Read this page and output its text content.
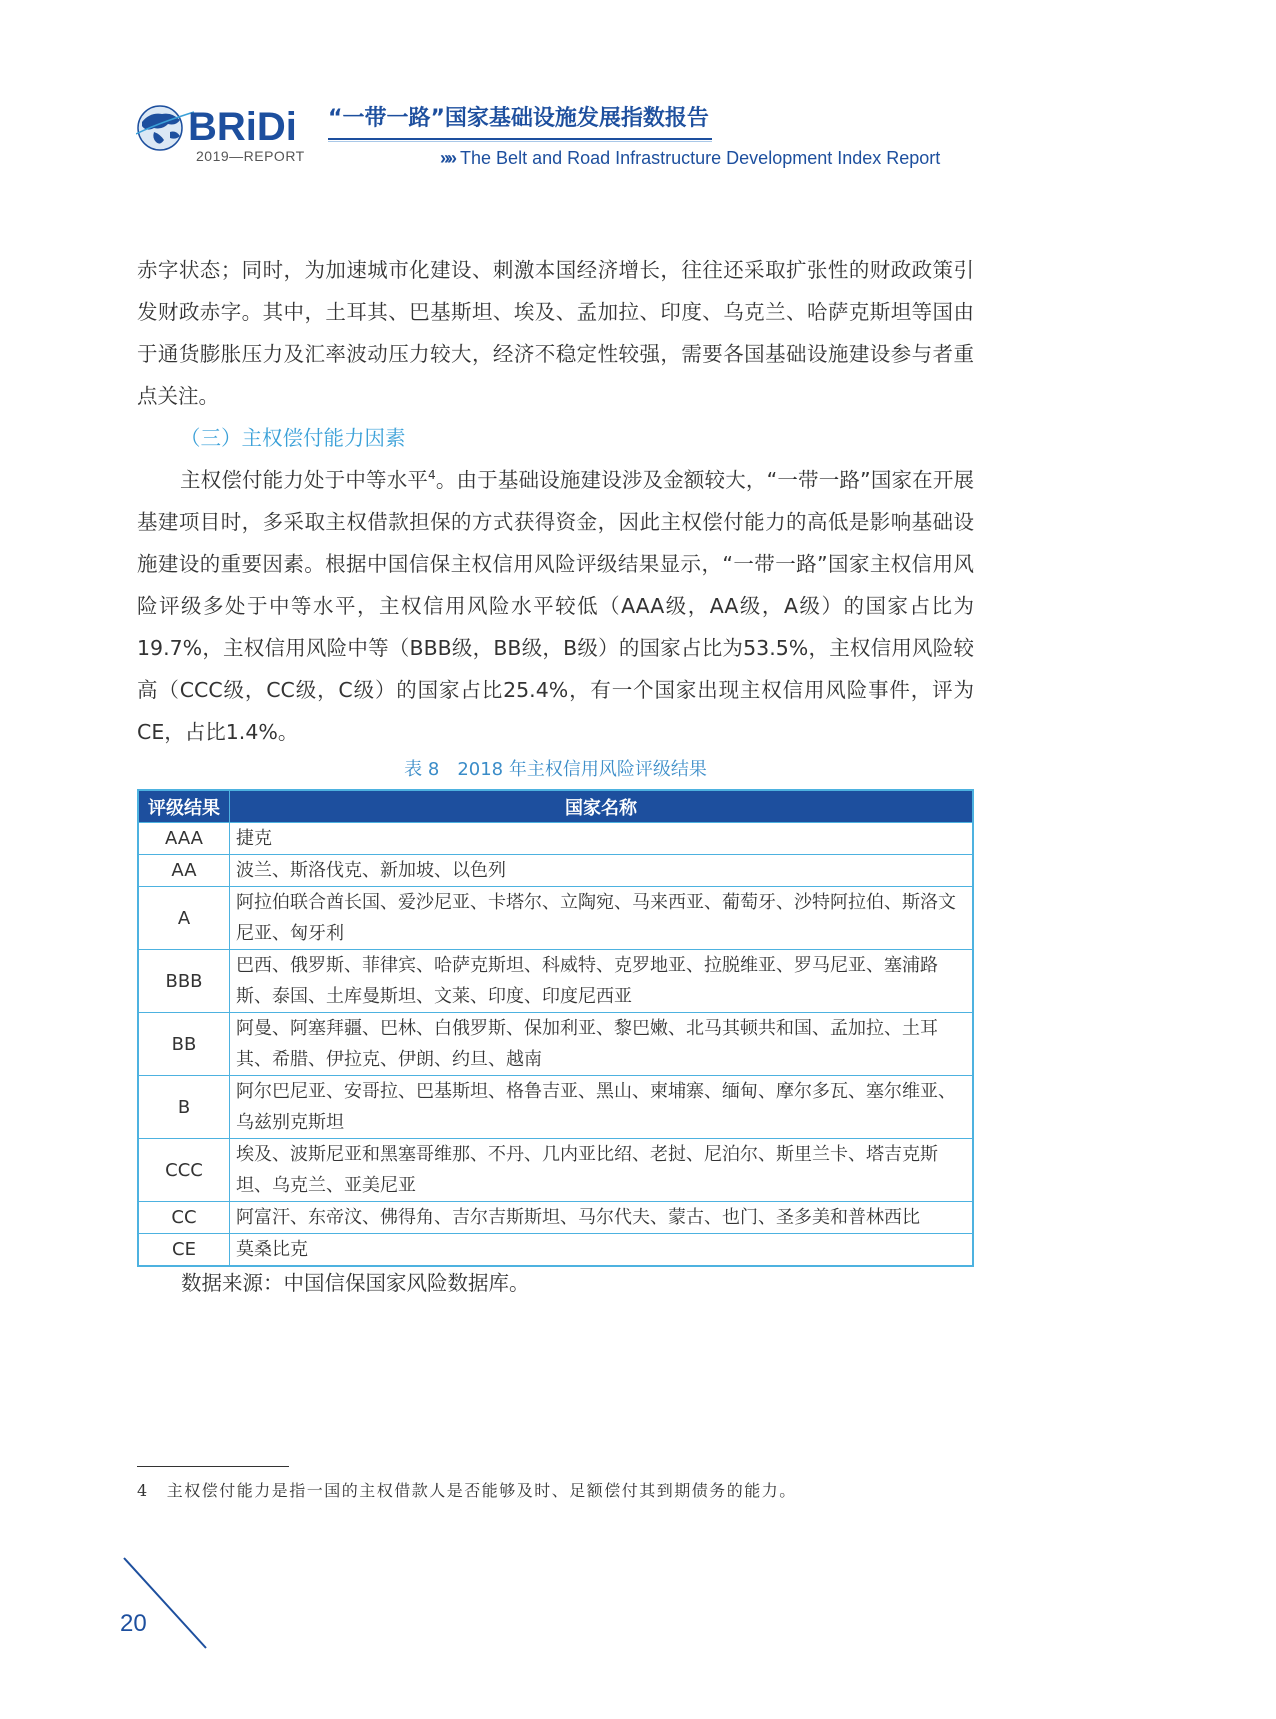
BRiDi
2019—REPORT
“一带一路”国家基础设施发展指数报告
»» The Belt and Road Infrastructure Development Index Report

赤字状态；同时，为加速城市化建设、刺激本国经济增长，往往还采取扩张性的财政政策引发财政赤字。其中，土耳其、巴基斯坦、埃及、孟加拉、印度、乌克兰、哈萨克斯坦等国由于通货膨胀压力及汇率波动压力较大，经济不稳定性较强，需要各国基础设施建设参与者重点关注。

（三）主权偿付能力因素

主权偿付能力处于中等水平$^4$。由于基础设施建设涉及金额较大，“一带一路”国家在开展基建项目时，多采取主权借款担保的方式获得资金，因此主权偿付能力的高低是影响基础设施建设的重要因素。根据中国信保主权信用风险评级结果显示，“一带一路”国家主权信用风险评级多处于中等水平，主权信用风险水平较低（AAA级，AA级，A级）的国家占比为19.7%，主权信用风险中等（BBB级，BB级，B级）的国家占比为53.5%，主权信用风险较高（CCC级，CC级，C级）的国家占比25.4%，有一个国家出现主权信用风险事件，评为CE，占比1.4%。

表 8　2018 年主权信用风险评级结果
评级结果	国家名称
AAA	捷克
AA	波兰、斯洛伐克、新加坡、以色列
A	阿拉伯联合酋长国、爱沙尼亚、卡塔尔、立陶宛、马来西亚、葡萄牙、沙特阿拉伯、斯洛文尼亚、匈牙利
BBB	巴西、俄罗斯、菲律宾、哈萨克斯坦、科威特、克罗地亚、拉脱维亚、罗马尼亚、塞浦路斯、泰国、土库曼斯坦、文莱、印度、印度尼西亚
BB	阿曼、阿塞拜疆、巴林、白俄罗斯、保加利亚、黎巴嫩、北马其顿共和国、孟加拉、土耳其、希腊、伊拉克、伊朗、约旦、越南
B	阿尔巴尼亚、安哥拉、巴基斯坦、格鲁吉亚、黑山、柬埔寨、缅甸、摩尔多瓦、塞尔维亚、乌兹别克斯坦
CCC	埃及、波斯尼亚和黑塞哥维那、不丹、几内亚比绍、老挝、尼泊尔、斯里兰卡、塔吉克斯坦、乌克兰、亚美尼亚
CC	阿富汗、东帝汶、佛得角、吉尔吉斯斯坦、马尔代夫、蒙古、也门、圣多美和普林西比
CE	莫桑比克
数据来源：中国信保国家风险数据库。
4 主权偿付能力是指一国的主权借款人是否能够及时、足额偿付其到期债务的能力。
20
